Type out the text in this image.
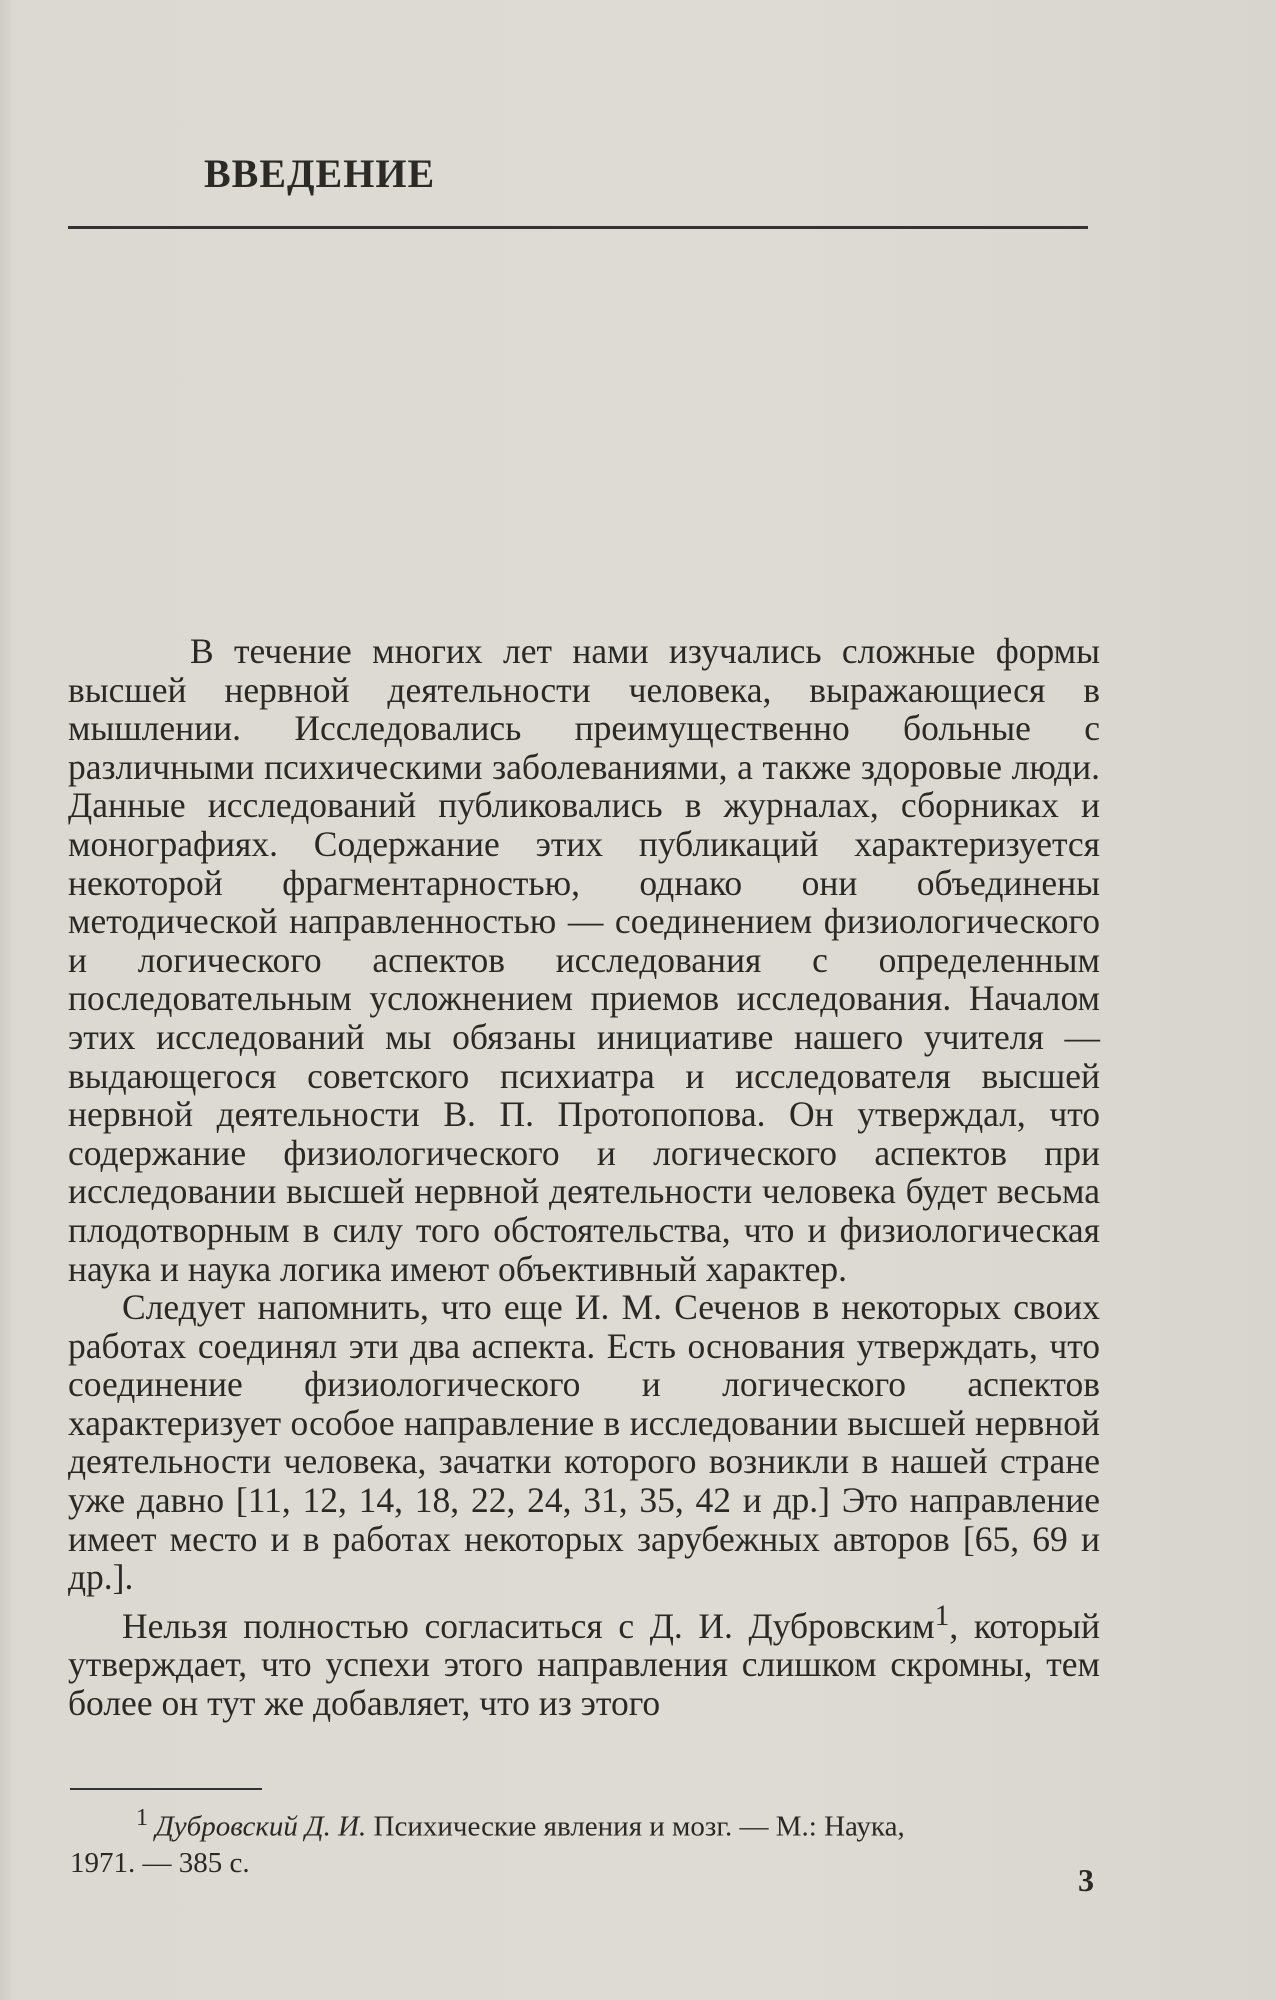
ВВЕДЕНИЕ

В течение многих лет нами изучались сложные формы высшей нервной деятельности человека, выражающиеся в мышлении. Исследовались преимущественно больные с различными психическими заболеваниями, а также здоровые люди. Данные исследований публиковались в журналах, сборниках и монографиях. Содержание этих публикаций характеризуется некоторой фрагментарностью, однако они объединены методической направленностью — соединением физиологического и логического аспектов исследования с определенным последовательным усложнением приемов исследования. Началом этих исследований мы обязаны инициативе нашего учителя — выдающегося советского психиатра и исследователя высшей нервной деятельности В. П. Протопопова. Он утверждал, что содержание физиологического и логического аспектов при исследовании высшей нервной деятельности человека будет весьма плодотворным в силу того обстоятельства, что и физиологическая наука и наука логика имеют объективный характер.

Следует напомнить, что еще И. М. Сеченов в некоторых своих работах соединял эти два аспекта. Есть основания утверждать, что соединение физиологического и логического аспектов характеризует особое направление в исследовании высшей нервной деятельности человека, зачатки которого возникли в нашей стране уже давно [11, 12, 14, 18, 22, 24, 31, 35, 42 и др.] Это направление имеет место и в работах некоторых зарубежных авторов [65, 69 и др.].

Нельзя полностью согласиться с Д. И. Дубровским$^1$, который утверждает, что успехи этого направления слишком скромны, тем более он тут же добавляет, что из этого

$^1$ Дубровский Д. И. Психические явления и мозг. — М.: Наука,
1971. — 385 с.	3
